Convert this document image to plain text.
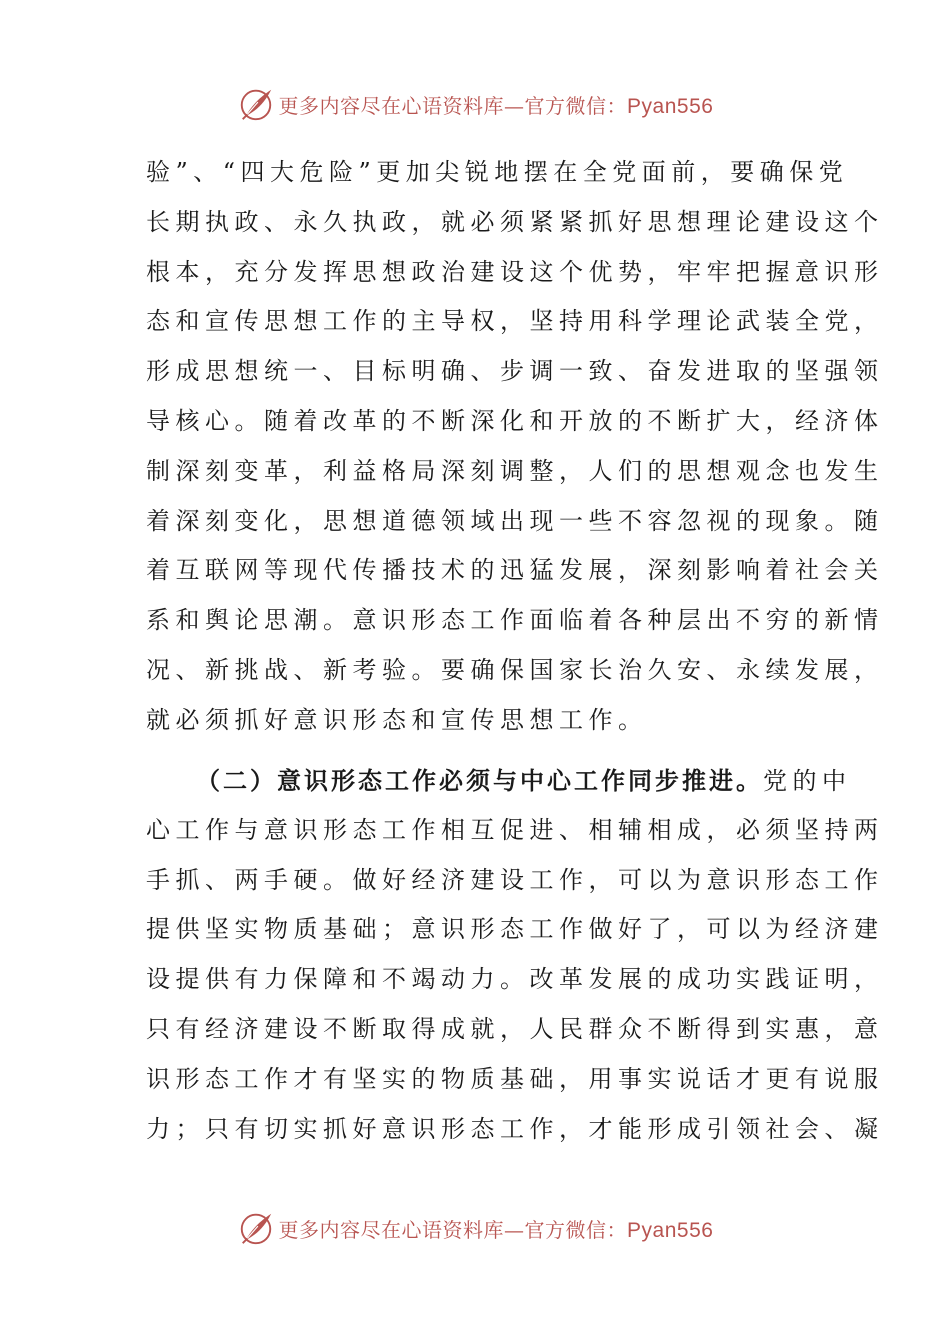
更多内容尽在心语资料库—官方微信：Pyan556
验”、“四大危险”更加尖锐地摆在全党面前，要确保党
长期执政、永久执政，就必须紧紧抓好思想理论建设这个
根本，充分发挥思想政治建设这个优势，牢牢把握意识形
态和宣传思想工作的主导权，坚持用科学理论武装全党，
形成思想统一、目标明确、步调一致、奋发进取的坚强领
导核心。随着改革的不断深化和开放的不断扩大，经济体
制深刻变革，利益格局深刻调整，人们的思想观念也发生
着深刻变化，思想道德领域出现一些不容忽视的现象。随
着互联网等现代传播技术的迅猛发展，深刻影响着社会关
系和舆论思潮。意识形态工作面临着各种层出不穷的新情
况、新挑战、新考验。要确保国家长治久安、永续发展，
就必须抓好意识形态和宣传思想工作。
（二）意识形态工作必须与中心工作同步推进。党的中
心工作与意识形态工作相互促进、相辅相成，必须坚持两
手抓、两手硬。做好经济建设工作，可以为意识形态工作
提供坚实物质基础；意识形态工作做好了，可以为经济建
设提供有力保障和不竭动力。改革发展的成功实践证明，
只有经济建设不断取得成就，人民群众不断得到实惠，意
识形态工作才有坚实的物质基础，用事实说话才更有说服
力；只有切实抓好意识形态工作，才能形成引领社会、凝
更多内容尽在心语资料库—官方微信：Pyan556
